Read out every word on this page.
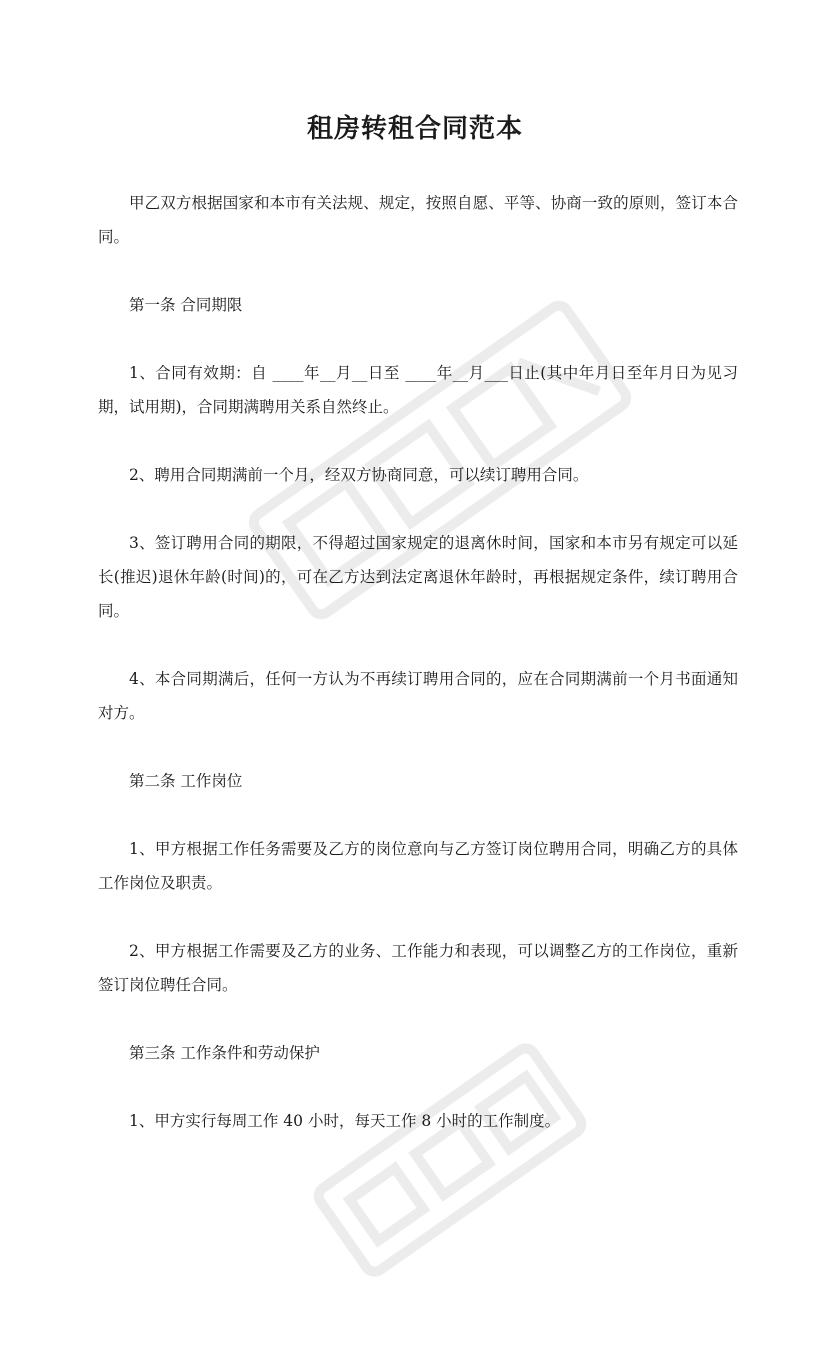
租房转租合同范本

甲乙双方根据国家和本市有关法规、规定，按照自愿、平等、协商一致的原则，签订本合同。

第一条 合同期限

1、合同有效期：自 ____年__月__日至 ____年__月___日止(其中年月日至年月日为见习期，试用期)，合同期满聘用关系自然终止。

2、聘用合同期满前一个月，经双方协商同意，可以续订聘用合同。

3、签订聘用合同的期限，不得超过国家规定的退离休时间，国家和本市另有规定可以延长(推迟)退休年龄(时间)的，可在乙方达到法定离退休年龄时，再根据规定条件，续订聘用合同。

4、本合同期满后，任何一方认为不再续订聘用合同的，应在合同期满前一个月书面通知对方。

第二条 工作岗位

1、甲方根据工作任务需要及乙方的岗位意向与乙方签订岗位聘用合同，明确乙方的具体工作岗位及职责。

2、甲方根据工作需要及乙方的业务、工作能力和表现，可以调整乙方的工作岗位，重新签订岗位聘任合同。

第三条 工作条件和劳动保护

1、甲方实行每周工作 40 小时，每天工作 8 小时的工作制度。
